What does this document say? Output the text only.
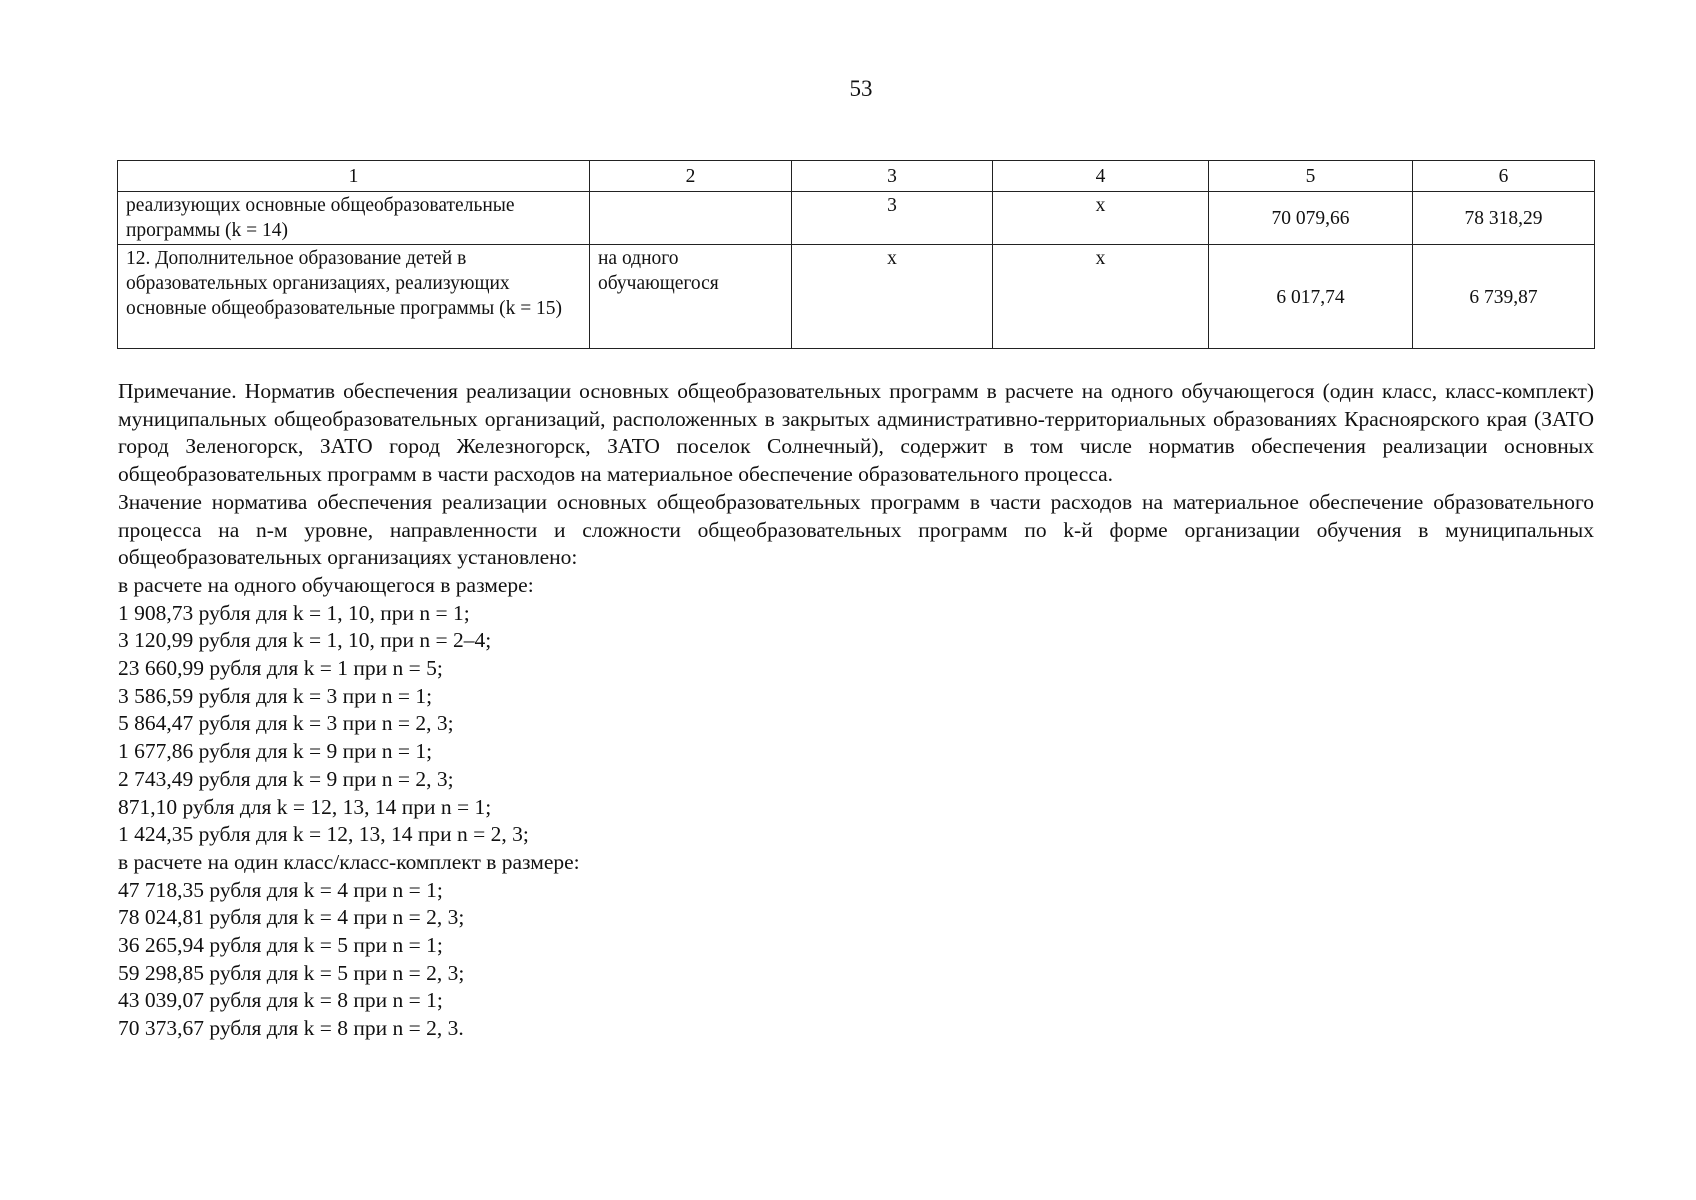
53
1	2	3	4	5	6
реализующих основные общеобразовательные программы (k = 14)		3	х	70 079,66	78 318,29
12. Дополнительное образование детей в образовательных организациях, реализующих основные общеобразовательные программы (k = 15)	на одного обучающегося	х	х	6 017,74	6 739,87

Примечание. Норматив обеспечения реализации основных общеобразовательных программ в расчете на одного обучающегося (один класс, класс-комплект) муниципальных общеобразовательных организаций, расположенных в закрытых административно-территориальных образованиях Красноярского края (ЗАТО город Зеленогорск, ЗАТО город Железногорск, ЗАТО поселок Солнечный), содержит в том числе норматив обеспечения реализации основных общеобразовательных программ в части расходов на материальное обеспечение образовательного процесса.

Значение норматива обеспечения реализации основных общеобразовательных программ в части расходов на материальное обеспечение образовательного процесса на n-м уровне, направленности и сложности общеобразовательных программ по k-й форме организации обучения в муниципальных общеобразовательных организациях установлено:

в расчете на одного обучающегося в размере:
1 908,73 рубля для k = 1, 10, при n = 1;
3 120,99 рубля для k = 1, 10, при n = 2–4;
23 660,99 рубля для k = 1 при n = 5;
3 586,59 рубля для k = 3 при n = 1;
5 864,47 рубля для k = 3 при n = 2, 3;
1 677,86 рубля для k = 9 при n = 1;
2 743,49 рубля для k = 9 при n = 2, 3;
871,10 рубля для k = 12, 13, 14 при n = 1;
1 424,35 рубля для k = 12, 13, 14 при n = 2, 3;
в расчете на один класс/класс-комплект в размере:
47 718,35 рубля для k = 4 при n = 1;
78 024,81 рубля для k = 4 при n = 2, 3;
36 265,94 рубля для k = 5 при n = 1;
59 298,85 рубля для k = 5 при n = 2, 3;
43 039,07 рубля для k = 8 при n = 1;
70 373,67 рубля для k = 8 при n = 2, 3.
